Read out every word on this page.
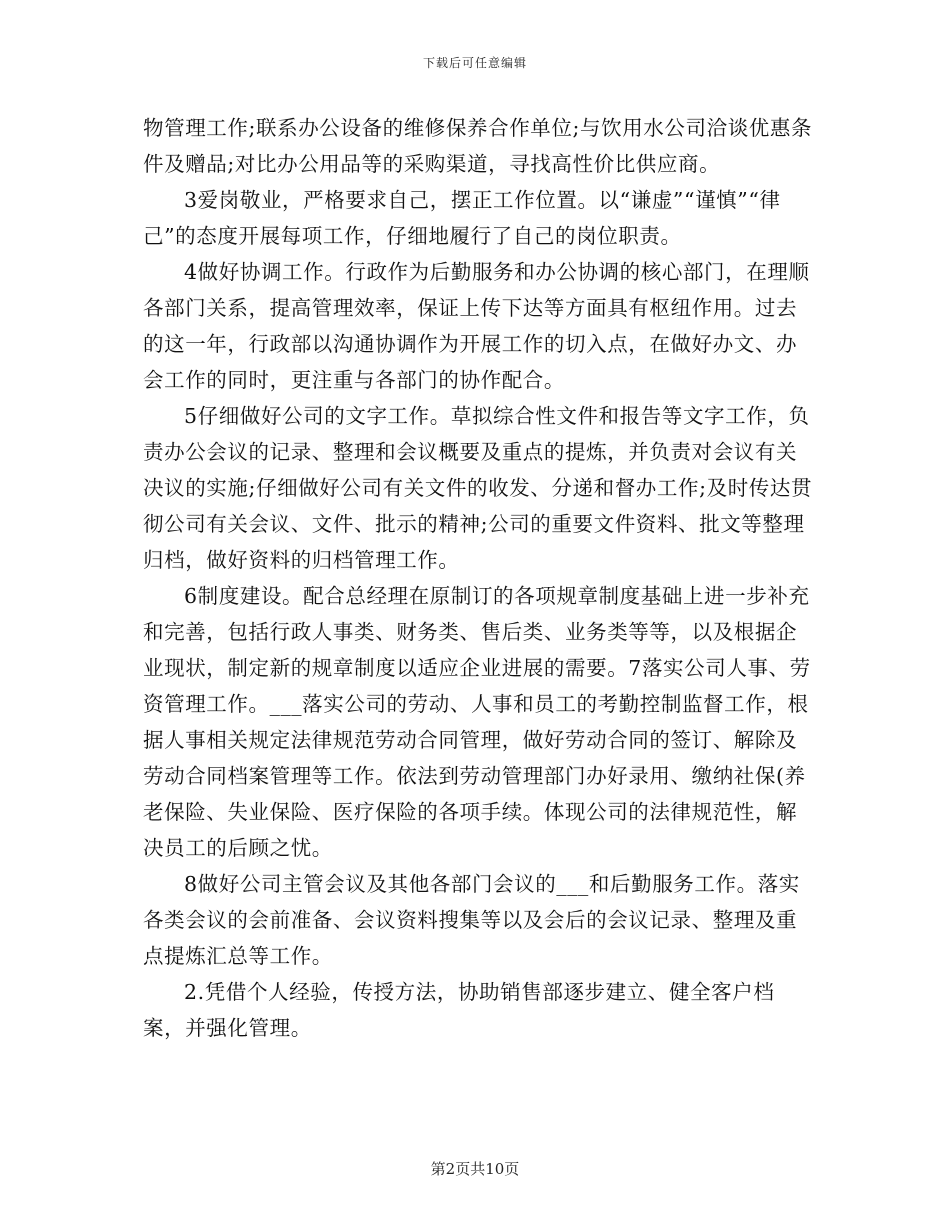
下载后可任意编辑

物管理工作;联系办公设备的维修保养合作单位;与饮用水公司洽谈优惠条件及赠品;对比办公用品等的采购渠道，寻找高性价比供应商。

3爱岗敬业，严格要求自己，摆正工作位置。以“谦虚”“谨慎”“律己”的态度开展每项工作，仔细地履行了自己的岗位职责。

4做好协调工作。行政作为后勤服务和办公协调的核心部门，在理顺各部门关系，提高管理效率，保证上传下达等方面具有枢纽作用。过去的这一年，行政部以沟通协调作为开展工作的切入点，在做好办文、办会工作的同时，更注重与各部门的协作配合。

5仔细做好公司的文字工作。草拟综合性文件和报告等文字工作，负责办公会议的记录、整理和会议概要及重点的提炼，并负责对会议有关决议的实施;仔细做好公司有关文件的收发、分递和督办工作;及时传达贯彻公司有关会议、文件、批示的精神;公司的重要文件资料、批文等整理归档，做好资料的归档管理工作。

6制度建设。配合总经理在原制订的各项规章制度基础上进一步补充和完善，包括行政人事类、财务类、售后类、业务类等等，以及根据企业现状，制定新的规章制度以适应企业进展的需要。7落实公司人事、劳资管理工作。___落实公司的劳动、人事和员工的考勤控制监督工作，根据人事相关规定法律规范劳动合同管理，做好劳动合同的签订、解除及劳动合同档案管理等工作。依法到劳动管理部门办好录用、缴纳社保(养老保险、失业保险、医疗保险的各项手续。体现公司的法律规范性，解决员工的后顾之忧。

8做好公司主管会议及其他各部门会议的___和后勤服务工作。落实各类会议的会前准备、会议资料搜集等以及会后的会议记录、整理及重点提炼汇总等工作。

2.凭借个人经验，传授方法，协助销售部逐步建立、健全客户档案，并强化管理。

第2页共10页
